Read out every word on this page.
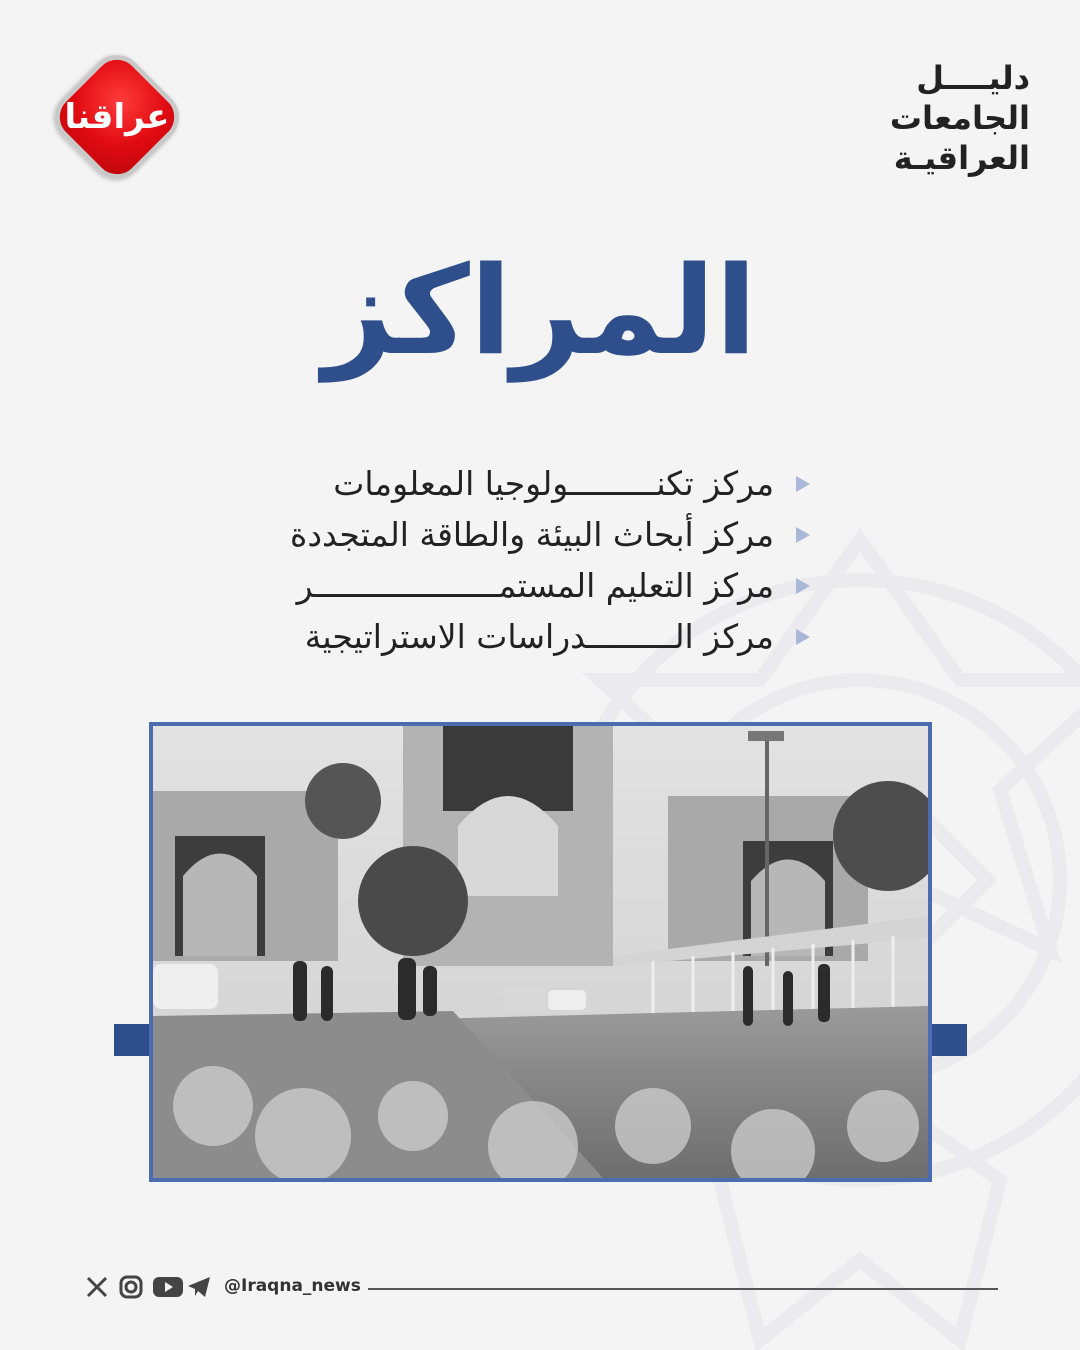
عراقنا
دليــــل
الجامعات
العراقيـة
المراكز
مركز تكنـــــــــولوجيا المعلومات
مركز أبحاث البيئة والطاقة المتجددة
مركز التعليم المستمـــــــــــــــــــر
مركز الـــــــــدراسات الاستراتيجية
@Iraqna_news
